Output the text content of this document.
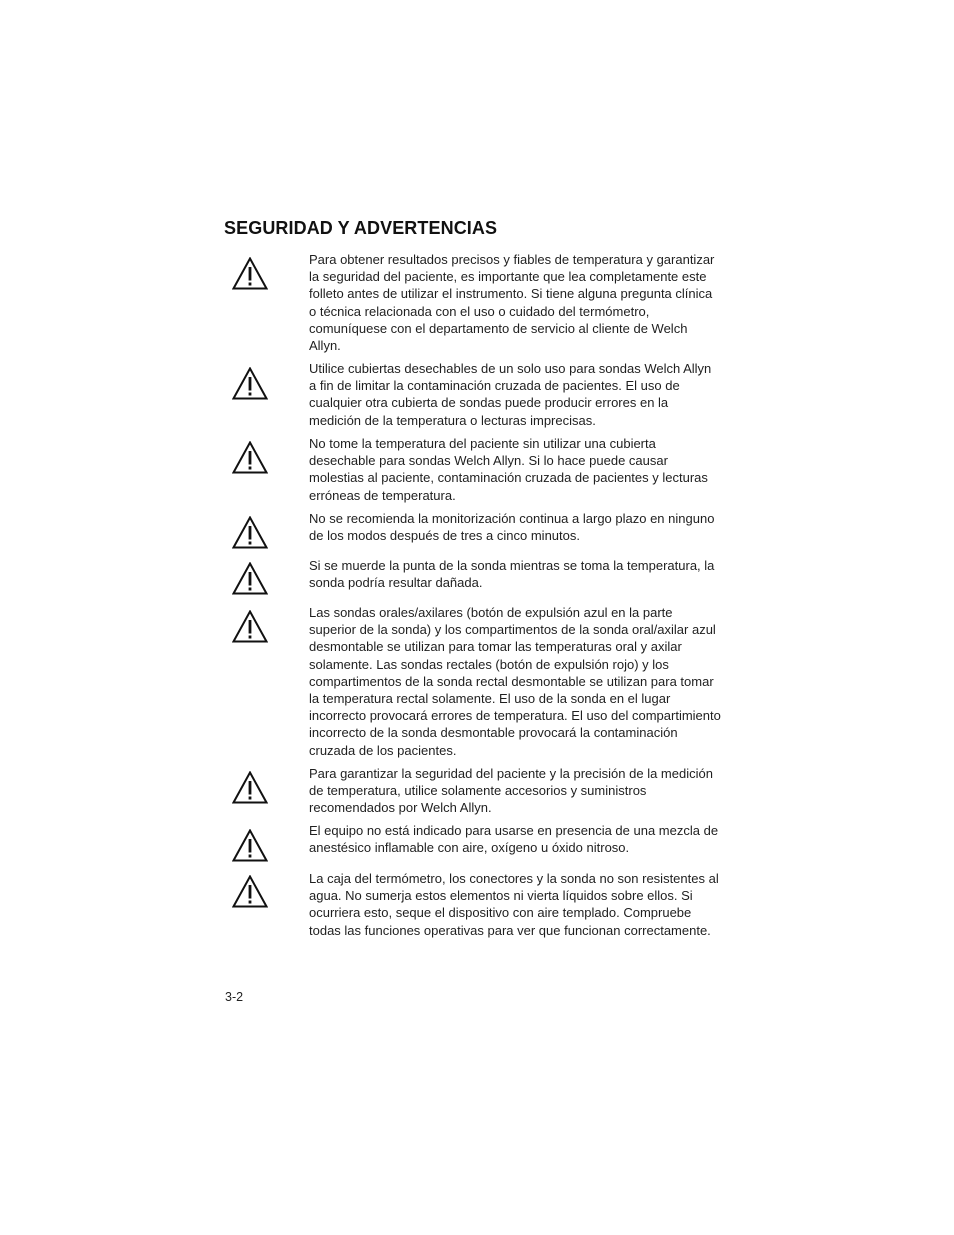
SEGURIDAD Y ADVERTENCIAS

Para obtener resultados precisos y fiables de temperatura y garantizar la seguridad del paciente, es importante que lea completamente este folleto antes de utilizar el instrumento. Si tiene alguna pregunta clínica o técnica relacionada con el uso o cuidado del termómetro, comuníquese con el departamento de servicio al cliente de Welch Allyn.

Utilice cubiertas desechables de un solo uso para sondas Welch Allyn a fin de limitar la contaminación cruzada de pacientes. El uso de cualquier otra cubierta de sondas puede producir errores en la medición de la temperatura o lecturas imprecisas.

No tome la temperatura del paciente sin utilizar una cubierta desechable para sondas Welch Allyn. Si lo hace puede causar molestias al paciente, contaminación cruzada de pacientes y lecturas erróneas de temperatura.

No se recomienda la monitorización continua a largo plazo en ninguno de los modos después de tres a cinco minutos.

Si se muerde la punta de la sonda mientras se toma la temperatura, la sonda podría resultar dañada.

Las sondas orales/axilares (botón de expulsión azul en la parte superior de la sonda) y los compartimentos de la sonda oral/axilar azul desmontable se utilizan para tomar las temperaturas oral y axilar solamente. Las sondas rectales (botón de expulsión rojo) y los compartimentos de la sonda rectal desmontable se utilizan para tomar la temperatura rectal solamente. El uso de la sonda en el lugar incorrecto provocará errores de temperatura. El uso del compartimiento incorrecto de la sonda desmontable provocará la contaminación cruzada de los pacientes.

Para garantizar la seguridad del paciente y la precisión de la medición de temperatura, utilice solamente accesorios y suministros recomendados por Welch Allyn.

El equipo no está indicado para usarse en presencia de una mezcla de anestésico inflamable con aire, oxígeno u óxido nitroso.

La caja del termómetro, los conectores y la sonda no son resistentes al agua. No sumerja estos elementos ni vierta líquidos sobre ellos. Si ocurriera esto, seque el dispositivo con aire templado. Compruebe todas las funciones operativas para ver que funcionan correctamente.

3-2
